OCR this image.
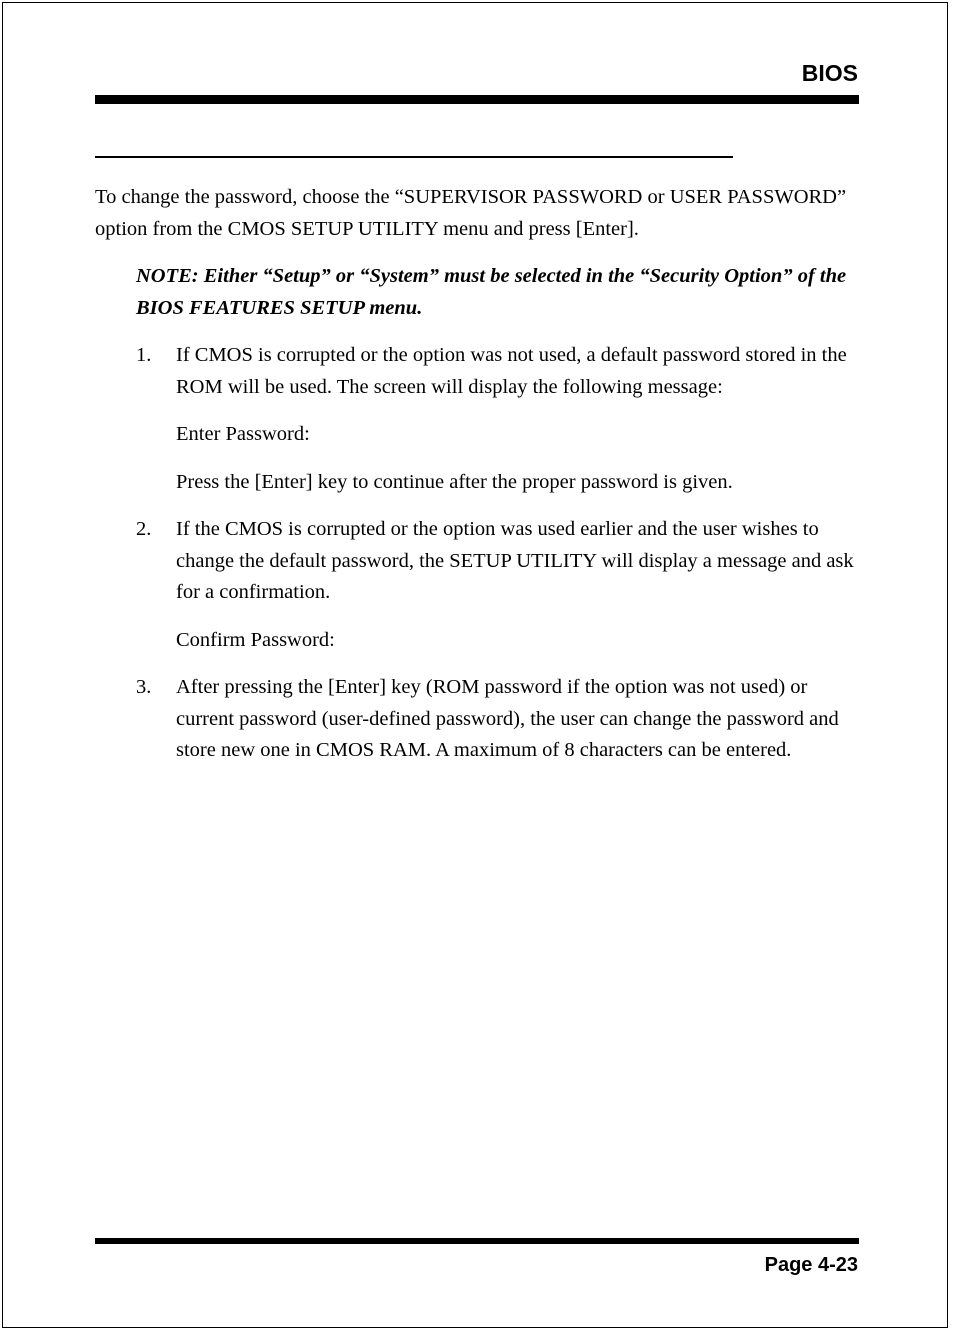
BIOS

To change the password, choose the “SUPERVISOR PASSWORD or USER PASSWORD” option from the CMOS SETUP UTILITY menu and press [Enter].

NOTE: Either “Setup” or “System” must be selected in the “Security Option” of the BIOS FEATURES SETUP menu.

1.	If CMOS is corrupted or the option was not used, a default password stored in the ROM will be used. The screen will display the following message:

Enter Password:

Press the [Enter] key to continue after the proper password is given.

2.	If the CMOS is corrupted or the option was used earlier and the user wishes to change the default password, the SETUP UTILITY will display a message and ask for a confirmation.

Confirm Password:

3.	After pressing the [Enter] key (ROM password if the option was not used) or current password (user-defined password), the user can change the password and store new one in CMOS RAM. A maximum of 8 characters can be entered.
Page 4-23
